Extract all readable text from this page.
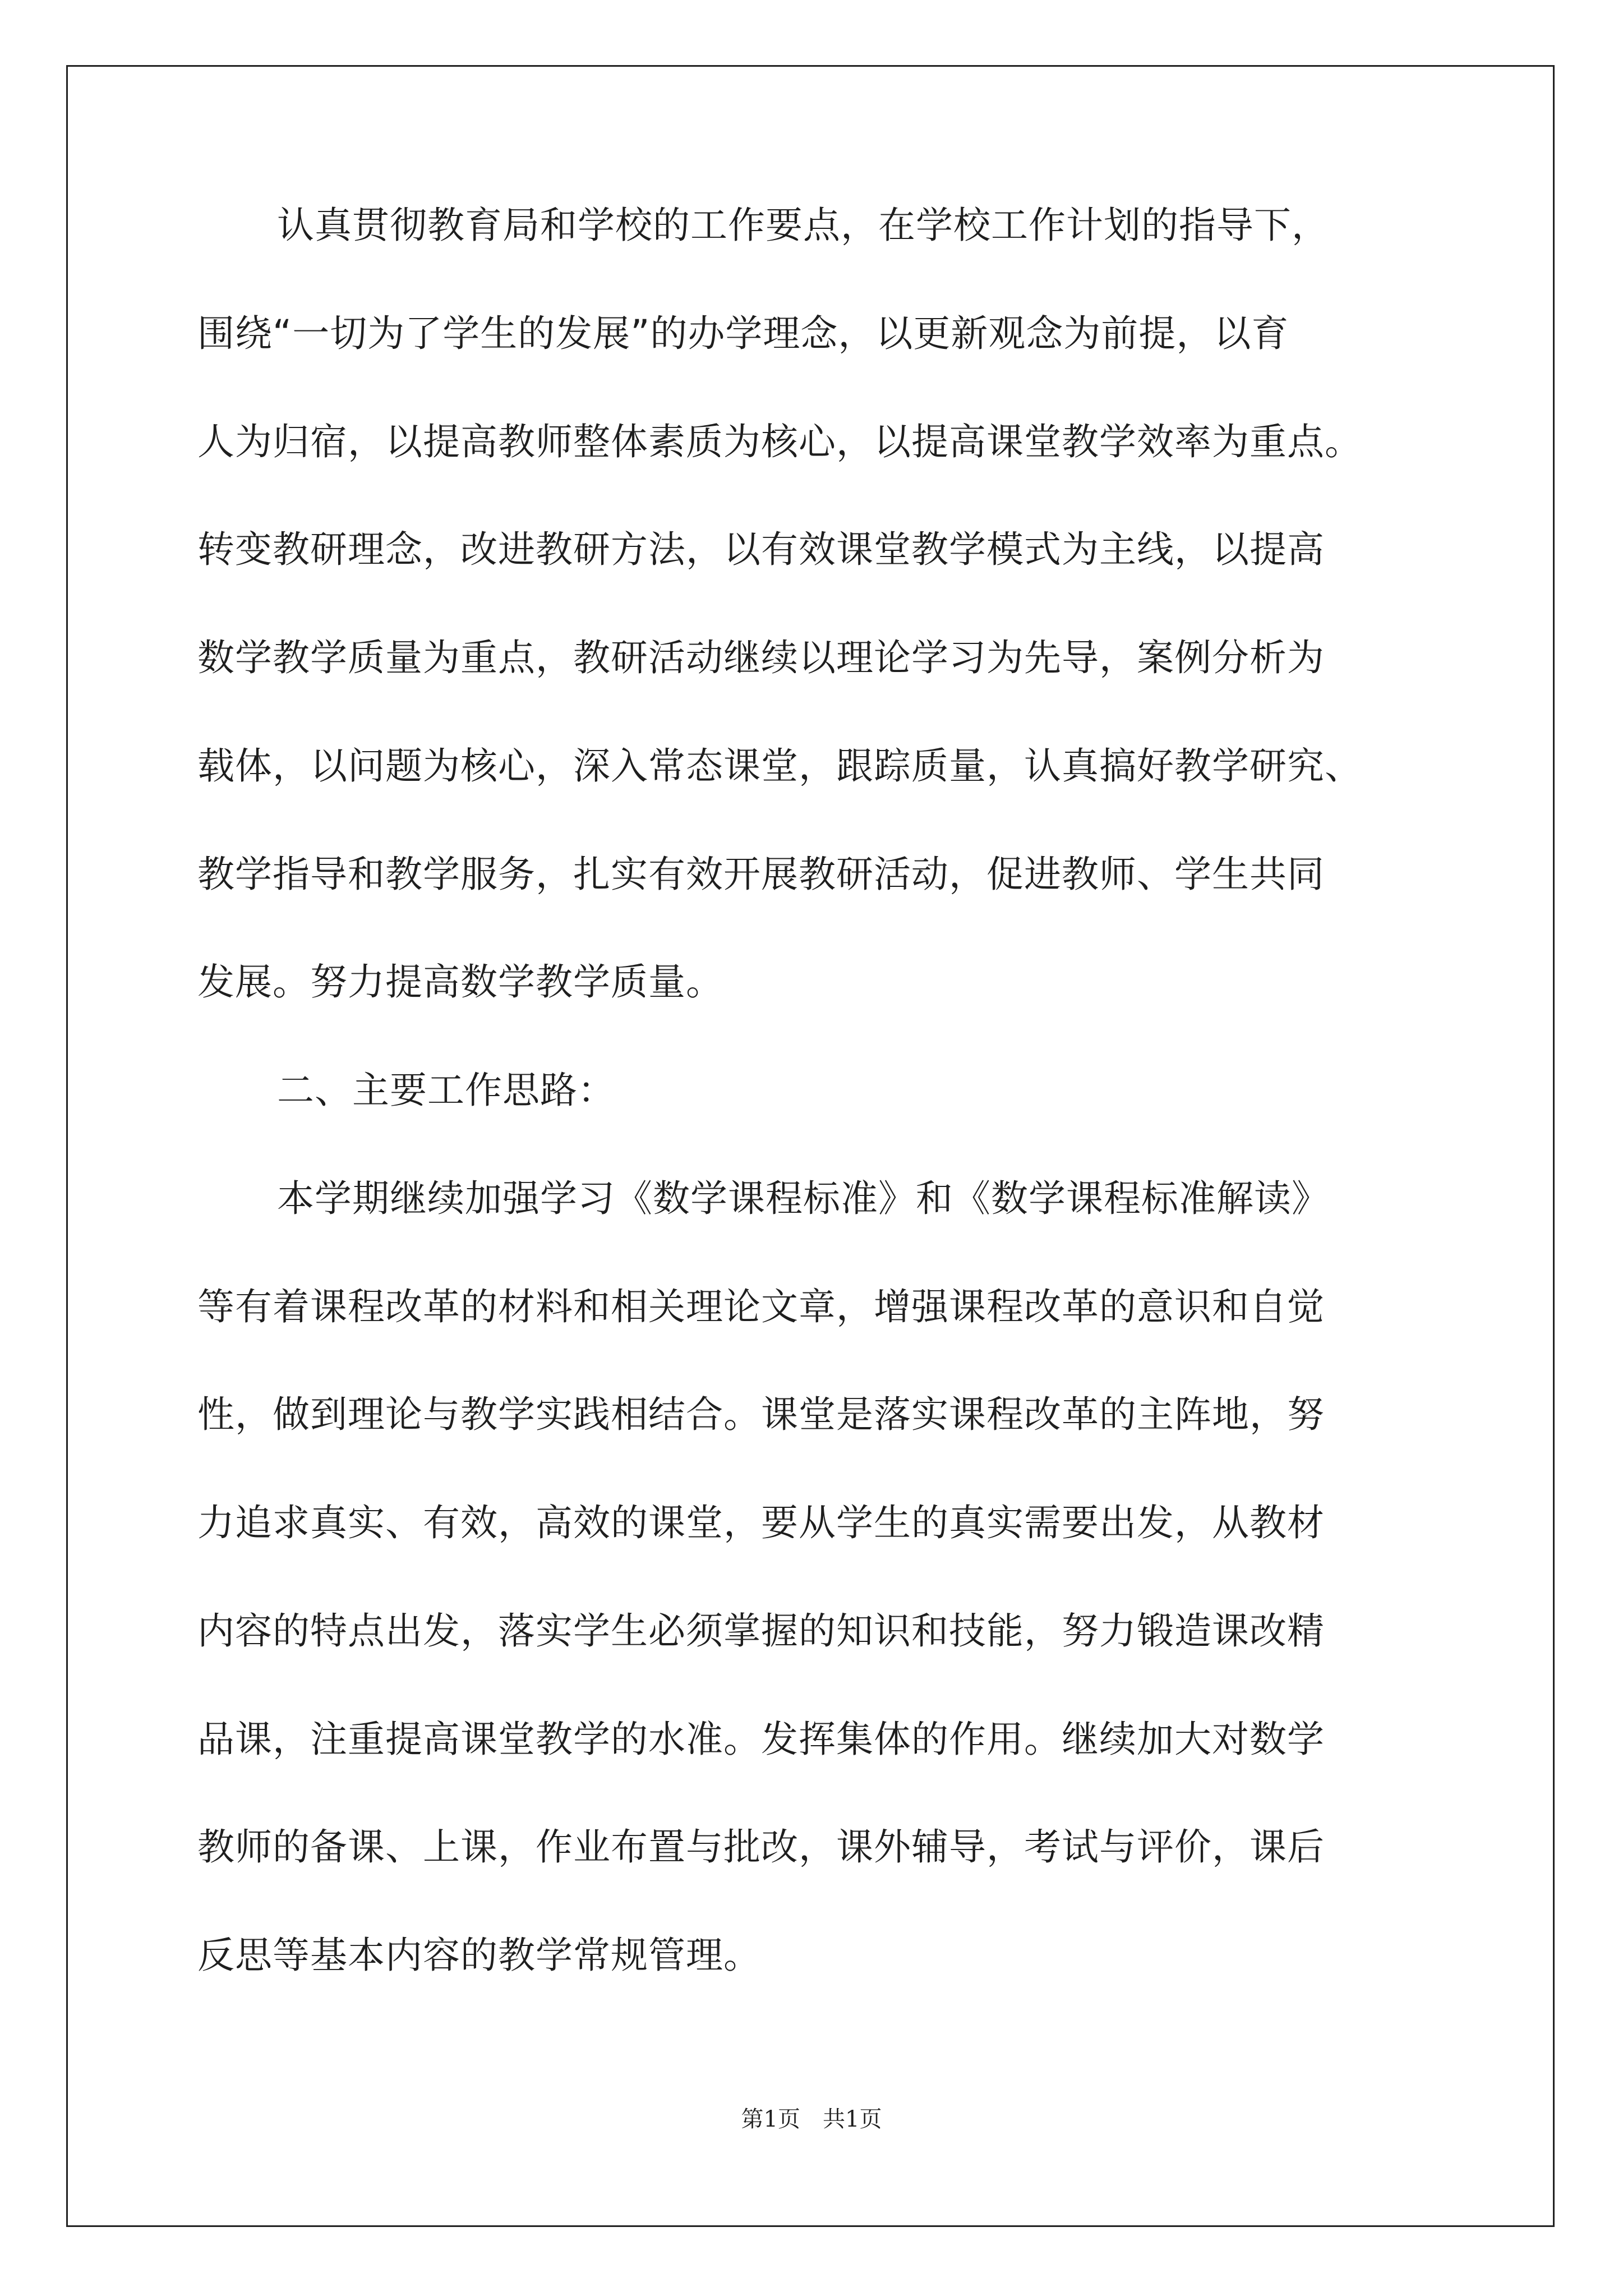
认真贯彻教育局和学校的工作要点，在学校工作计划的指导下，
围绕“一切为了学生的发展”的办学理念，以更新观念为前提，以育
人为归宿，以提高教师整体素质为核心，以提高课堂教学效率为重点。
转变教研理念，改进教研方法，以有效课堂教学模式为主线，以提高
数学教学质量为重点，教研活动继续以理论学习为先导，案例分析为
载体，以问题为核心，深入常态课堂，跟踪质量，认真搞好教学研究、
教学指导和教学服务，扎实有效开展教研活动，促进教师、学生共同
发展。努力提高数学教学质量。
二、主要工作思路：
本学期继续加强学习《数学课程标准》和《数学课程标准解读》
等有着课程改革的材料和相关理论文章，增强课程改革的意识和自觉
性，做到理论与教学实践相结合。课堂是落实课程改革的主阵地，努
力追求真实、有效，高效的课堂，要从学生的真实需要出发，从教材
内容的特点出发，落实学生必须掌握的知识和技能，努力锻造课改精
品课，注重提高课堂教学的水准。发挥集体的作用。继续加大对数学
教师的备课、上课，作业布置与批改，课外辅导，考试与评价，课后
反思等基本内容的教学常规管理。
第1页　共1页
